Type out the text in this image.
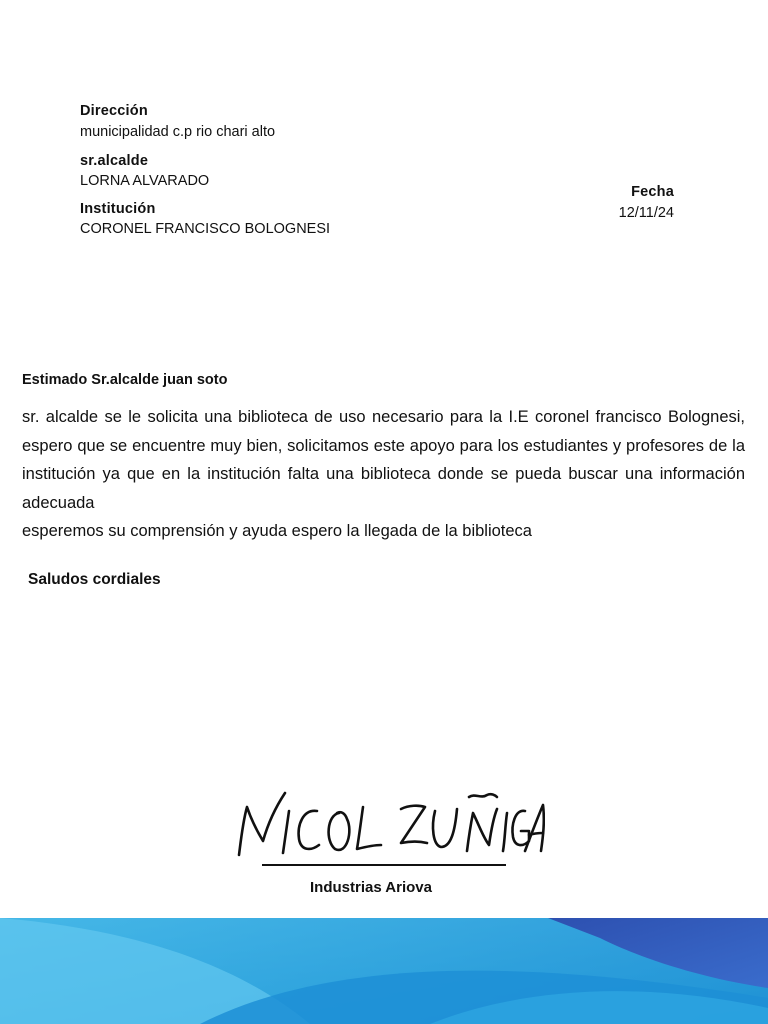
Dirección
municipalidad c.p rio chari alto
sr.alcalde
LORNA ALVARADO
Institución
CORONEL FRANCISCO BOLOGNESI
Fecha
12/11/24
Estimado Sr.alcalde juan soto

sr. alcalde se le solicita una biblioteca de uso necesario para la I.E coronel francisco Bolognesi, espero que se encuentre muy bien, solicitamos este apoyo para los estudiantes y profesores de la institución ya que en la institución falta una biblioteca donde se pueda buscar una información adecuada

esperemos su comprensión y ayuda espero la llegada de la biblioteca

Saludos cordiales
Industrias Ariova
